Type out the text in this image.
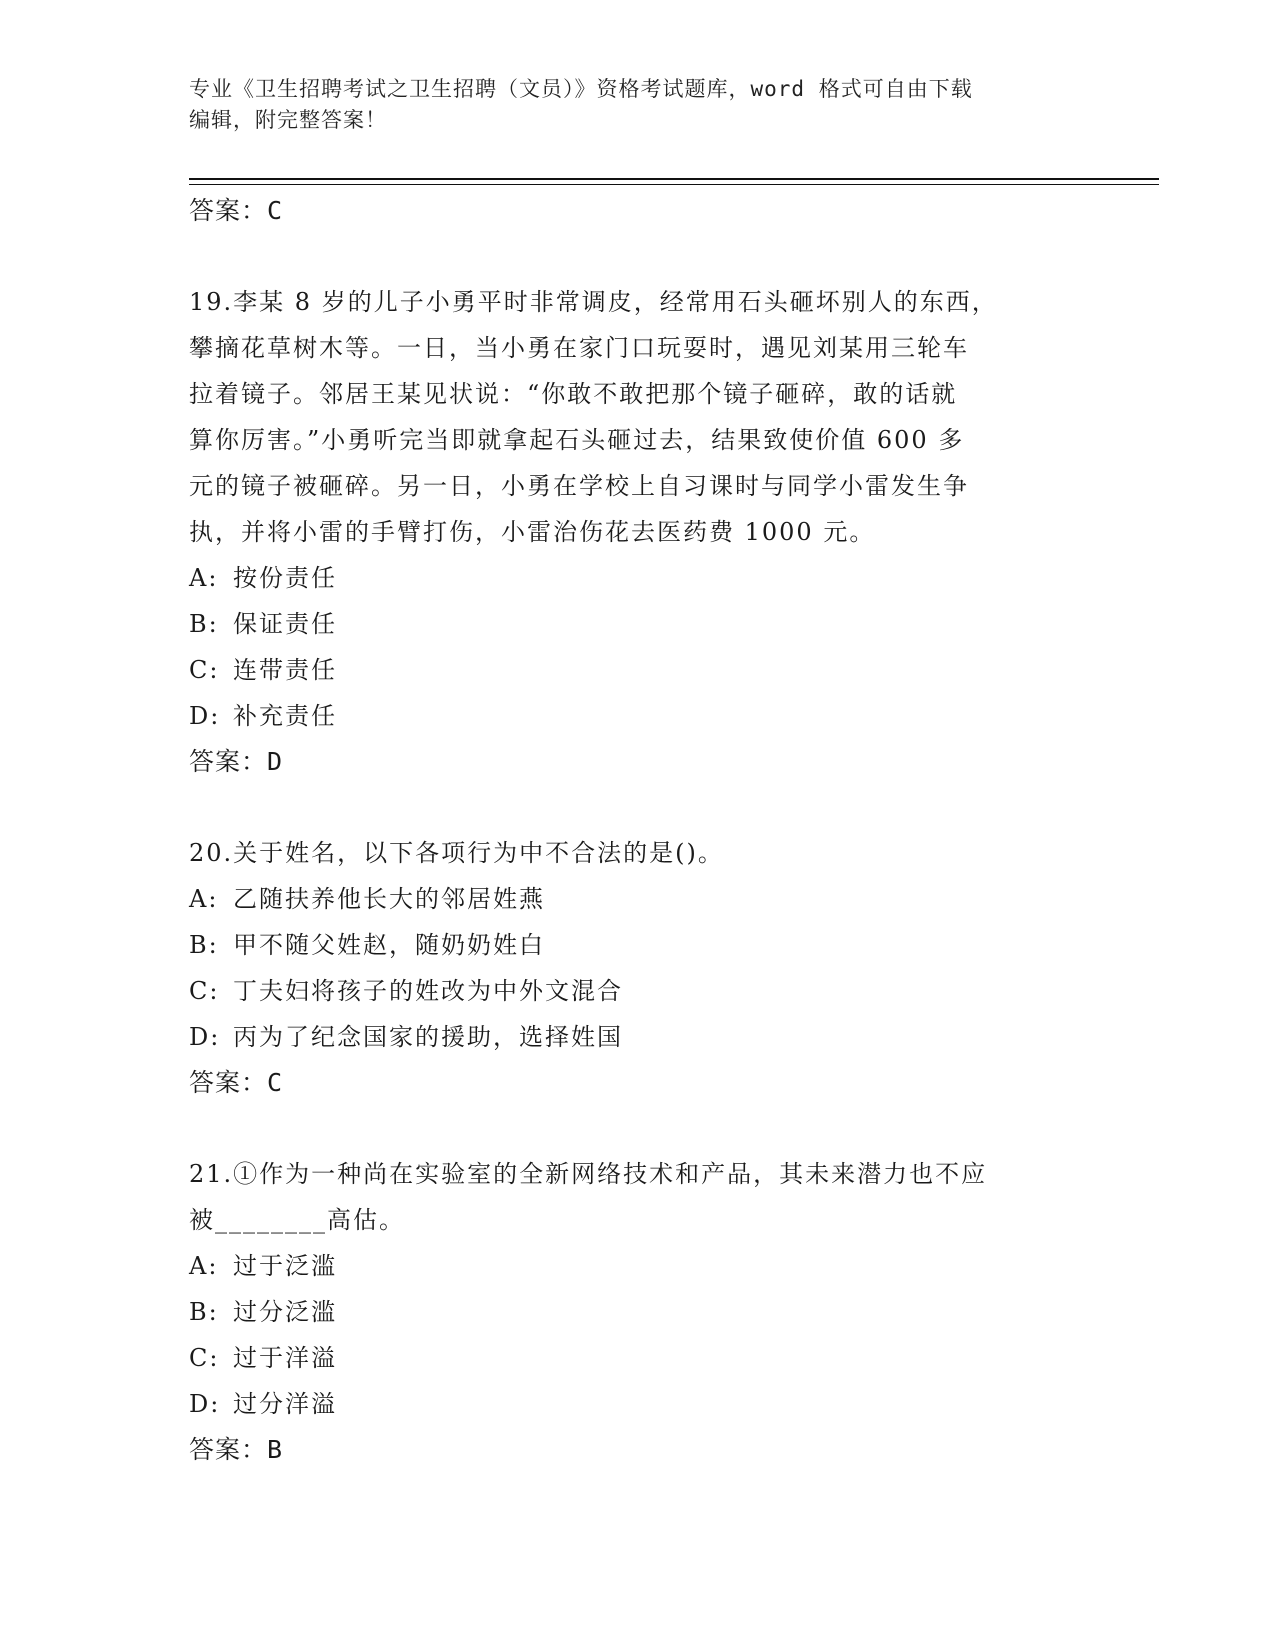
专业《卫生招聘考试之卫生招聘（文员）》资格考试题库，word 格式可自由下载
编辑，附完整答案！
答案：C
19.李某 8 岁的儿子小勇平时非常调皮，经常用石头砸坏别人的东西，
攀摘花草树木等。一日，当小勇在家门口玩耍时，遇见刘某用三轮车
拉着镜子。邻居王某见状说：“你敢不敢把那个镜子砸碎，敢的话就
算你厉害。”小勇听完当即就拿起石头砸过去，结果致使价值 600 多
元的镜子被砸碎。另一日，小勇在学校上自习课时与同学小雷发生争
执，并将小雷的手臂打伤，小雷治伤花去医药费 1000 元。
A: 按份责任
B: 保证责任
C: 连带责任
D: 补充责任
答案：D
20.关于姓名，以下各项行为中不合法的是()。
A: 乙随扶养他长大的邻居姓燕
B: 甲不随父姓赵，随奶奶姓白
C: 丁夫妇将孩子的姓改为中外文混合
D: 丙为了纪念国家的援助，选择姓国
答案：C
21.①作为一种尚在实验室的全新网络技术和产品，其未来潜力也不应
被________高估。
A: 过于泛滥
B: 过分泛滥
C: 过于洋溢
D: 过分洋溢
答案：B
